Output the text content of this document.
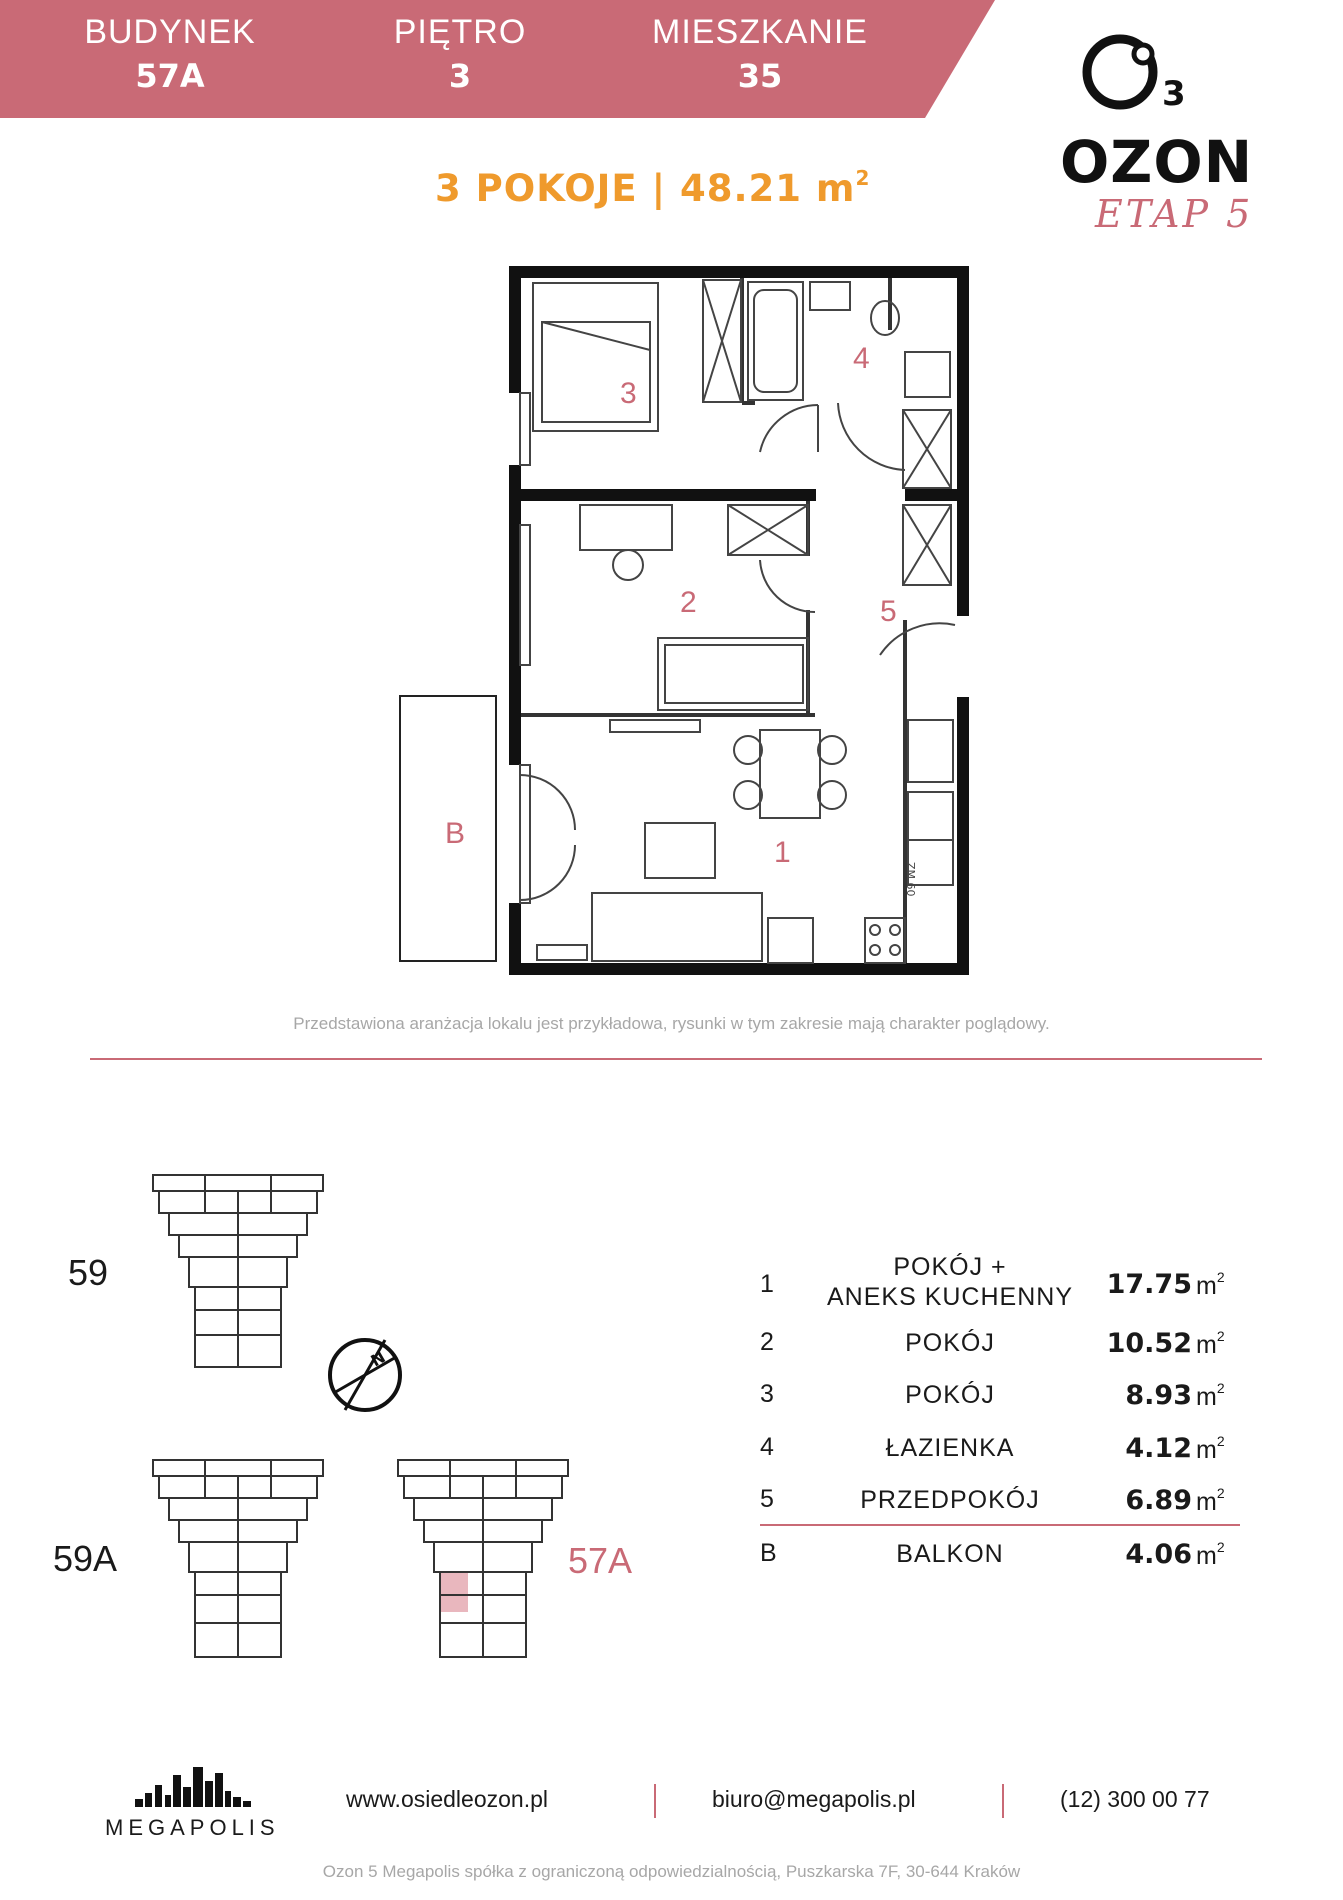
BUDYNEK
57A
PIĘTRO
3
MIESZKANIE
35
3 POKOJE | 48.21 $m^2$
3
OZON
ETAP 5
ZM 60
1
2
3
4
5
B
Przedstawiona aranżacja lokalu jest przykładowa, rysunki w tym zakresie mają charakter poglądowy.
59
59A	57A
N
1
POKÓJ +
ANEKS KUCHENNY	17.75 $m^2$
2	POKÓJ	10.52 $m^2$
3	POKÓJ	8.93 $m^2$
4	ŁAZIENKA	4.12 $m^2$
5	PRZEDPOKÓJ	6.89 $m^2$
B	BALKON	4.06 $m^2$
MEGAPOLIS
www.osiedleozon.pl	biuro@megapolis.pl	(12) 300 00 77
Ozon 5 Megapolis spółka z ograniczoną odpowiedzialnością, Puszkarska 7F, 30-644 Kraków
